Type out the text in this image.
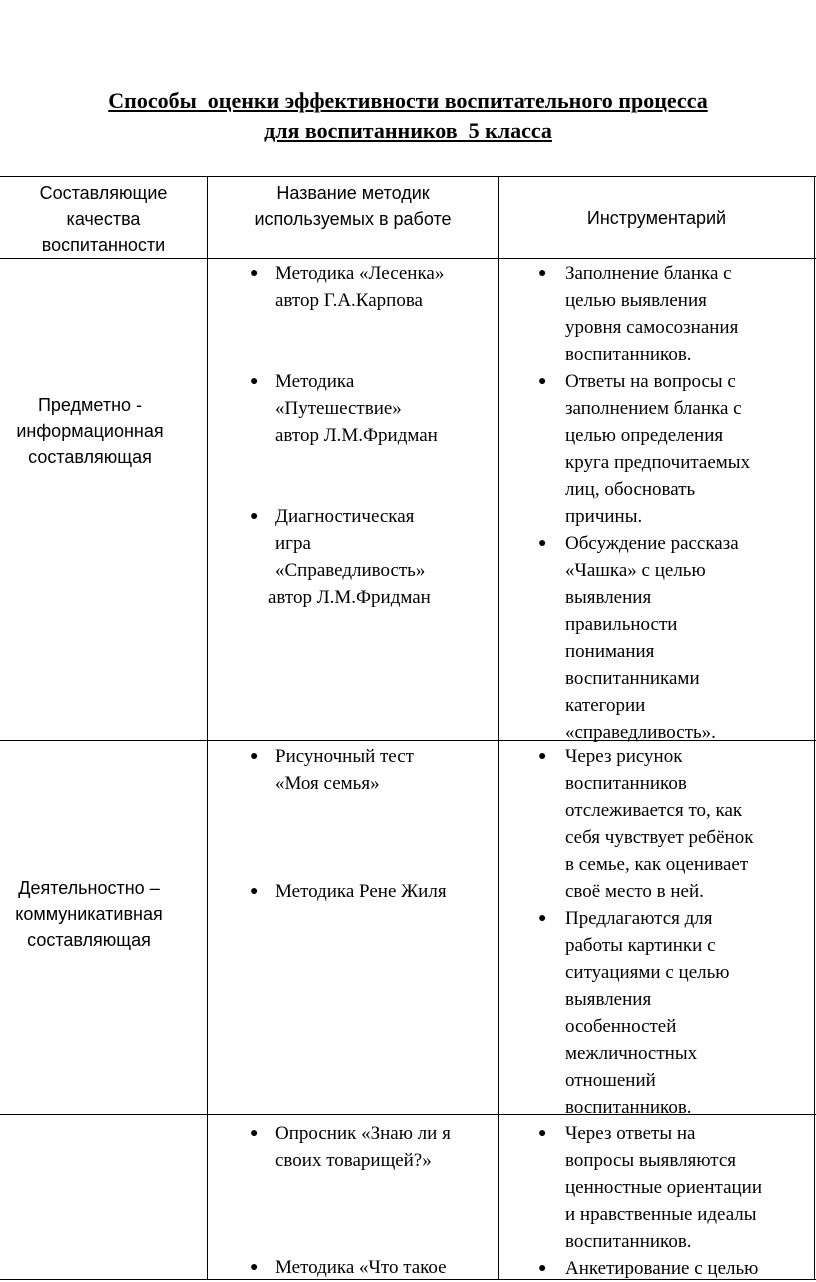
Способы  оценки эффективности воспитательного процесса
для воспитанников  5 класса
Составляющие
качества
воспитанности
Название методик
используемых в работе	Инструментарий
Предметно -
информационная
составляющая
● Методика «Лесенка»
автор Г.А.Карпова
● Методика
«Путешествие»
автор Л.М.Фридман
● Диагностическая
игра
«Справедливость»
автор Л.М.Фридман
● Заполнение бланка с
целью выявления
уровня самосознания
воспитанников.
● Ответы на вопросы с
заполнением бланка с
целью определения
круга предпочитаемых
лиц, обосновать
причины.
● Обсуждение рассказа
«Чашка» с целью
выявления
правильности
понимания
воспитанниками
категории
«справедливость».
Деятельностно –
коммуникативная
составляющая
● Рисуночный тест
«Моя семья»
● Методика Рене Жиля
● Через рисунок
воспитанников
отслеживается то, как
себя чувствует ребёнок
в семье, как оценивает
своё место в ней.
● Предлагаются для
работы картинки с
ситуациями с целью
выявления
особенностей
межличностных
отношений
воспитанников.
● Опросник «Знаю ли я
своих товарищей?»
● Методика «Что такое
● Через ответы на
вопросы выявляются
ценностные ориентации
и нравственные идеалы
воспитанников.
● Анкетирование с целью
